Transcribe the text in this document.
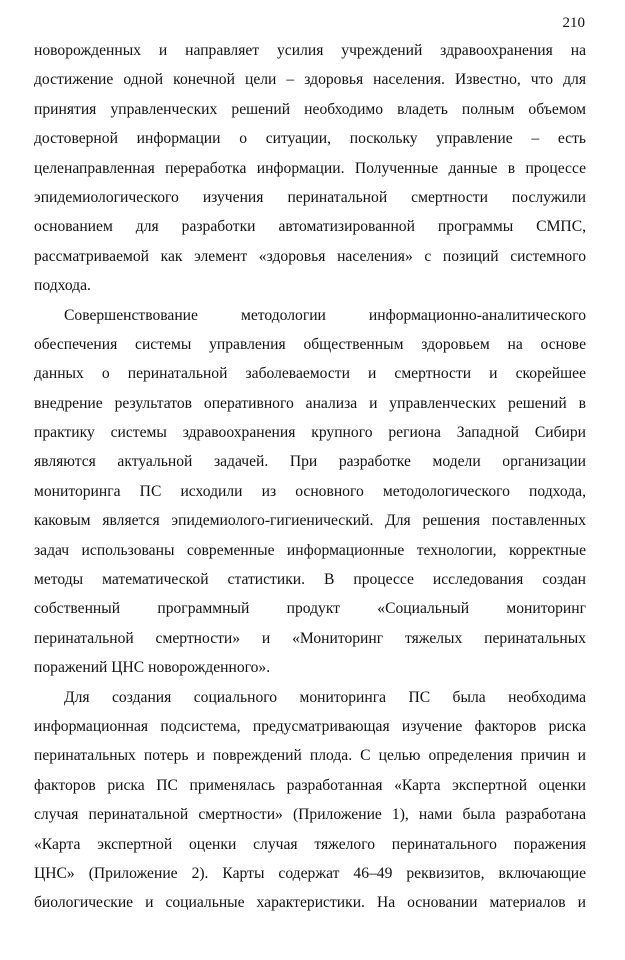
210
новорожденных и направляет усилия учреждений здравоохранения на
достижение одной конечной цели – здоровья населения. Известно, что для
принятия управленческих решений необходимо владеть полным объемом
достоверной информации о ситуации, поскольку управление – есть
целенаправленная переработка информации. Полученные данные в процессе
эпидемиологического изучения перинатальной смертности послужили
основанием для разработки автоматизированной программы СМПС,
рассматриваемой как элемент «здоровья населения» с позиций системного
подхода.
Совершенствование методологии информационно-аналитического
обеспечения системы управления общественным здоровьем на основе
данных о перинатальной заболеваемости и смертности и скорейшее
внедрение результатов оперативного анализа и управленческих решений в
практику системы здравоохранения крупного региона Западной Сибири
являются актуальной задачей. При разработке модели организации
мониторинга ПС исходили из основного методологического подхода,
каковым является эпидемиолого-гигиенический. Для решения поставленных
задач использованы современные информационные технологии, корректные
методы математической статистики. В процессе исследования создан
собственный программный продукт «Социальный мониторинг
перинатальной смертности» и «Мониторинг тяжелых перинатальных
поражений ЦНС новорожденного».
Для создания социального мониторинга ПС была необходима
информационная подсистема, предусматривающая изучение факторов риска
перинатальных потерь и повреждений плода. С целью определения причин и
факторов риска ПС применялась разработанная «Карта экспертной оценки
случая перинатальной смертности» (Приложение 1), нами была разработана
«Карта экспертной оценки случая тяжелого перинатального поражения
ЦНС» (Приложение 2). Карты содержат 46–49 реквизитов, включающие
биологические и социальные характеристики. На основании материалов и
